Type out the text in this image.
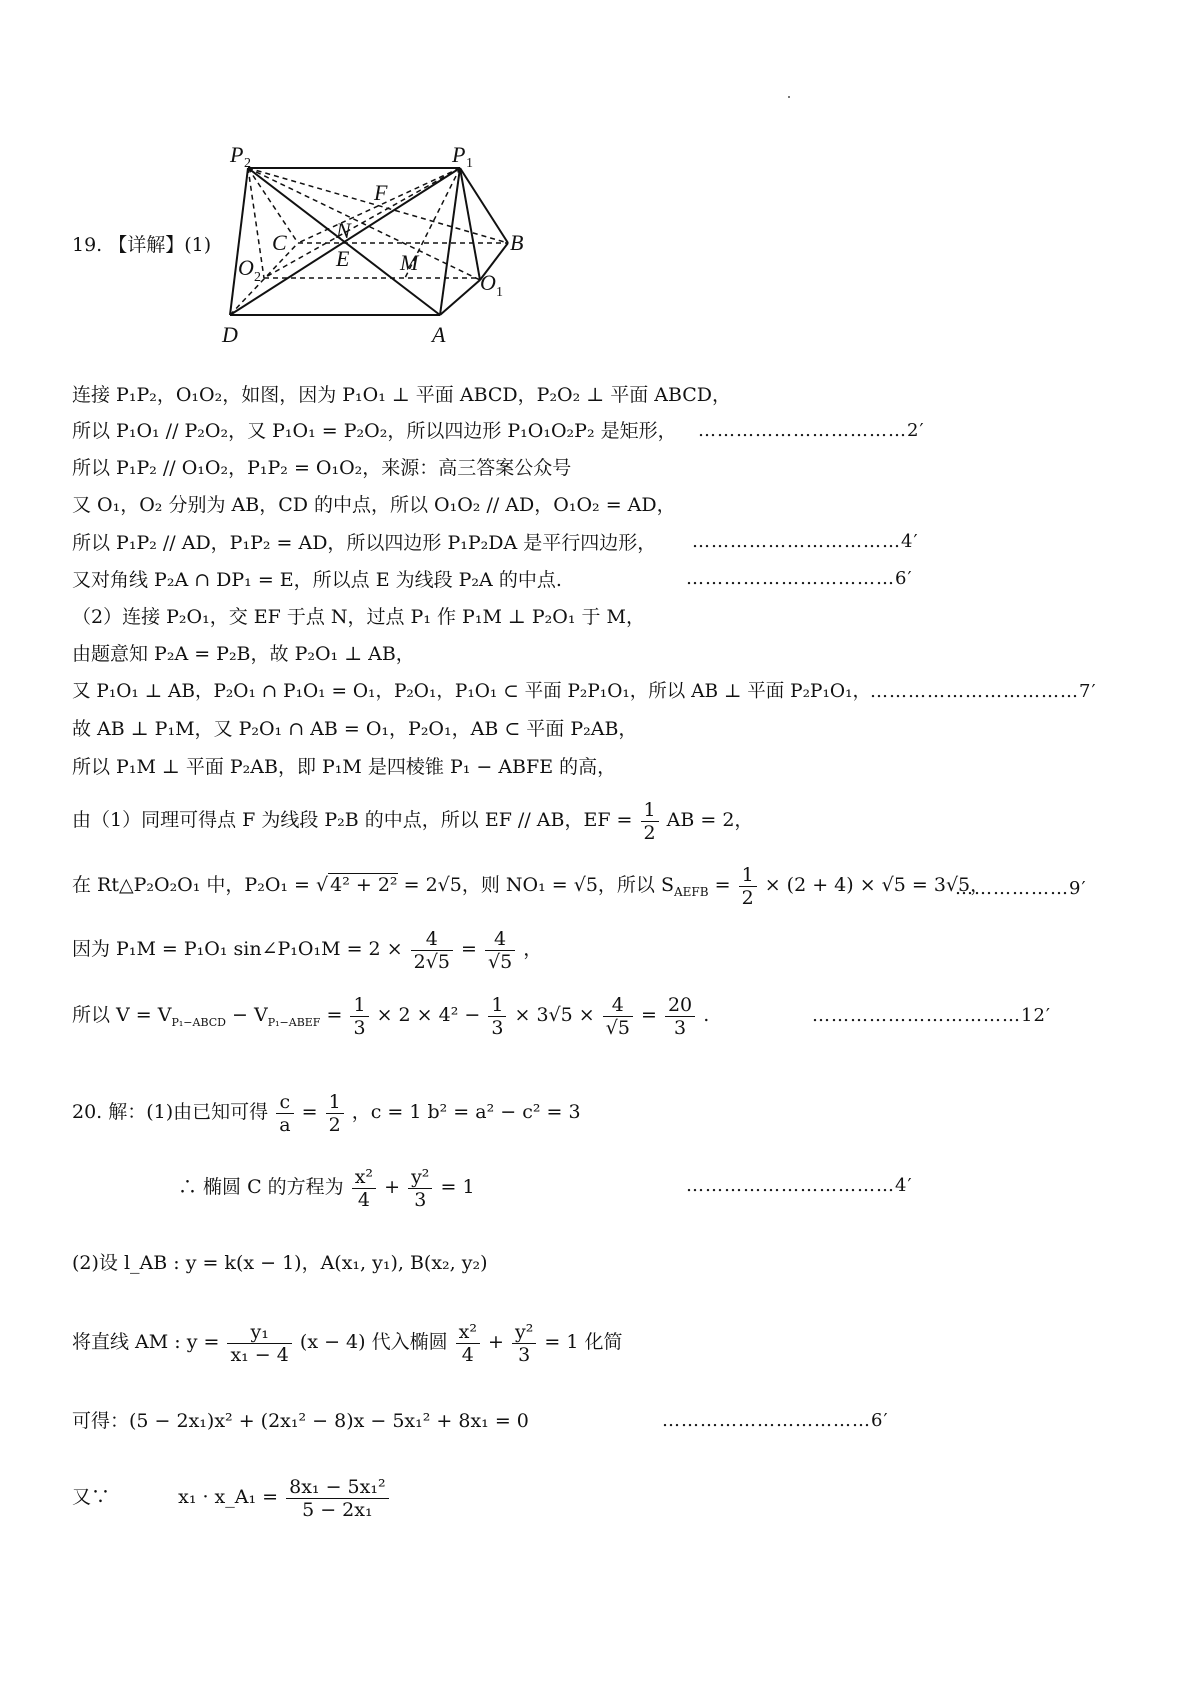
19. 【详解】(1)
P 2	P 1
F
C N	B
O 2
E M
O 1
D	A
连接 P₁P₂，O₁O₂，如图，因为 P₁O₁ ⊥ 平面 ABCD，P₂O₂ ⊥ 平面 ABCD，
所以 P₁O₁ // P₂O₂，又 P₁O₁ = P₂O₂，所以四边形 P₁O₁O₂P₂ 是矩形， ……………………………2′
所以 P₁P₂ // O₁O₂，P₁P₂ = O₁O₂，来源：高三答案公众号
又 O₁，O₂ 分别为 AB，CD 的中点，所以 O₁O₂ // AD，O₁O₂ = AD，
所以 P₁P₂ // AD，P₁P₂ = AD，所以四边形 P₁P₂DA 是平行四边形， ……………………………4′
又对角线 P₂A ∩ DP₁ = E，所以点 E 为线段 P₂A 的中点.	……………………………6′
（2）连接 P₂O₁，交 EF 于点 N，过点 P₁ 作 P₁M ⊥ P₂O₁ 于 M，
由题意知 P₂A = P₂B，故 P₂O₁ ⊥ AB，
又 P₁O₁ ⊥ AB，P₂O₁ ∩ P₁O₁ = O₁，P₂O₁，P₁O₁ ⊂ 平面 P₂P₁O₁，所以 AB ⊥ 平面 P₂P₁O₁， ……………………………7′
故 AB ⊥ P₁M，又 P₂O₁ ∩ AB = O₁，P₂O₁，AB ⊂ 平面 P₂AB，
所以 P₁M ⊥ 平面 P₂AB，即 P₁M 是四棱锥 P₁ − ABFE 的高，
由（1）同理可得点 F 为线段 P₂B 的中点，所以 EF // AB，EF = $\frac{1}{2}$ AB = 2，
在 Rt△P₂O₂O₁ 中，P₂O₁ = √ 4² + 2² = 2√5，则 NO₁ = √5，所以 $S_{AEFB} = \frac{1}{2} \times (2 + 4) \times √5 = 3√5$，
………………9′
因为 P₁M = P₁O₁ sin∠P₁O₁M = $2 \times \frac{4}{2√5} = \frac{4}{√5}$ ，
所以 $V = V_{P_1-ABCD} - V_{P_1-ABEF} = \frac{1}{3} \times 2 \times 4^2 - \frac{1}{3} \times 3√5 \times \frac{4}{√5} = \frac{20}{3}$ .	……………………………12′
20. 解：(1)由已知可得 $\frac{c}{a} = \frac{1}{2}$ ，c = 1 b² = a² − c² = 3
∴ 椭圆 C 的方程为 $\frac{\text{x²}}{4} + \frac{\text{y²}}{3} = 1$	……………………………4′
(2)设 l_AB : y = k(x − 1)，A(x₁, y₁), B(x₂, y₂)
将直线 AM : $y = \frac{\text{y₁}}{\text{x₁ − 4}} (x - 4)$ 代入椭圆 $\frac{\text{x²}}{4} + \frac{\text{y²}}{3} = 1$ 化简
可得：(5 − 2x₁)x² + (2x₁² − 8)x − 5x₁² + 8x₁ = 0	……………………………6′
又∵	x₁ · x_A₁ = $\frac{\text{8x₁ − 5x₁²}}{\text{5 − 2x₁}}$
